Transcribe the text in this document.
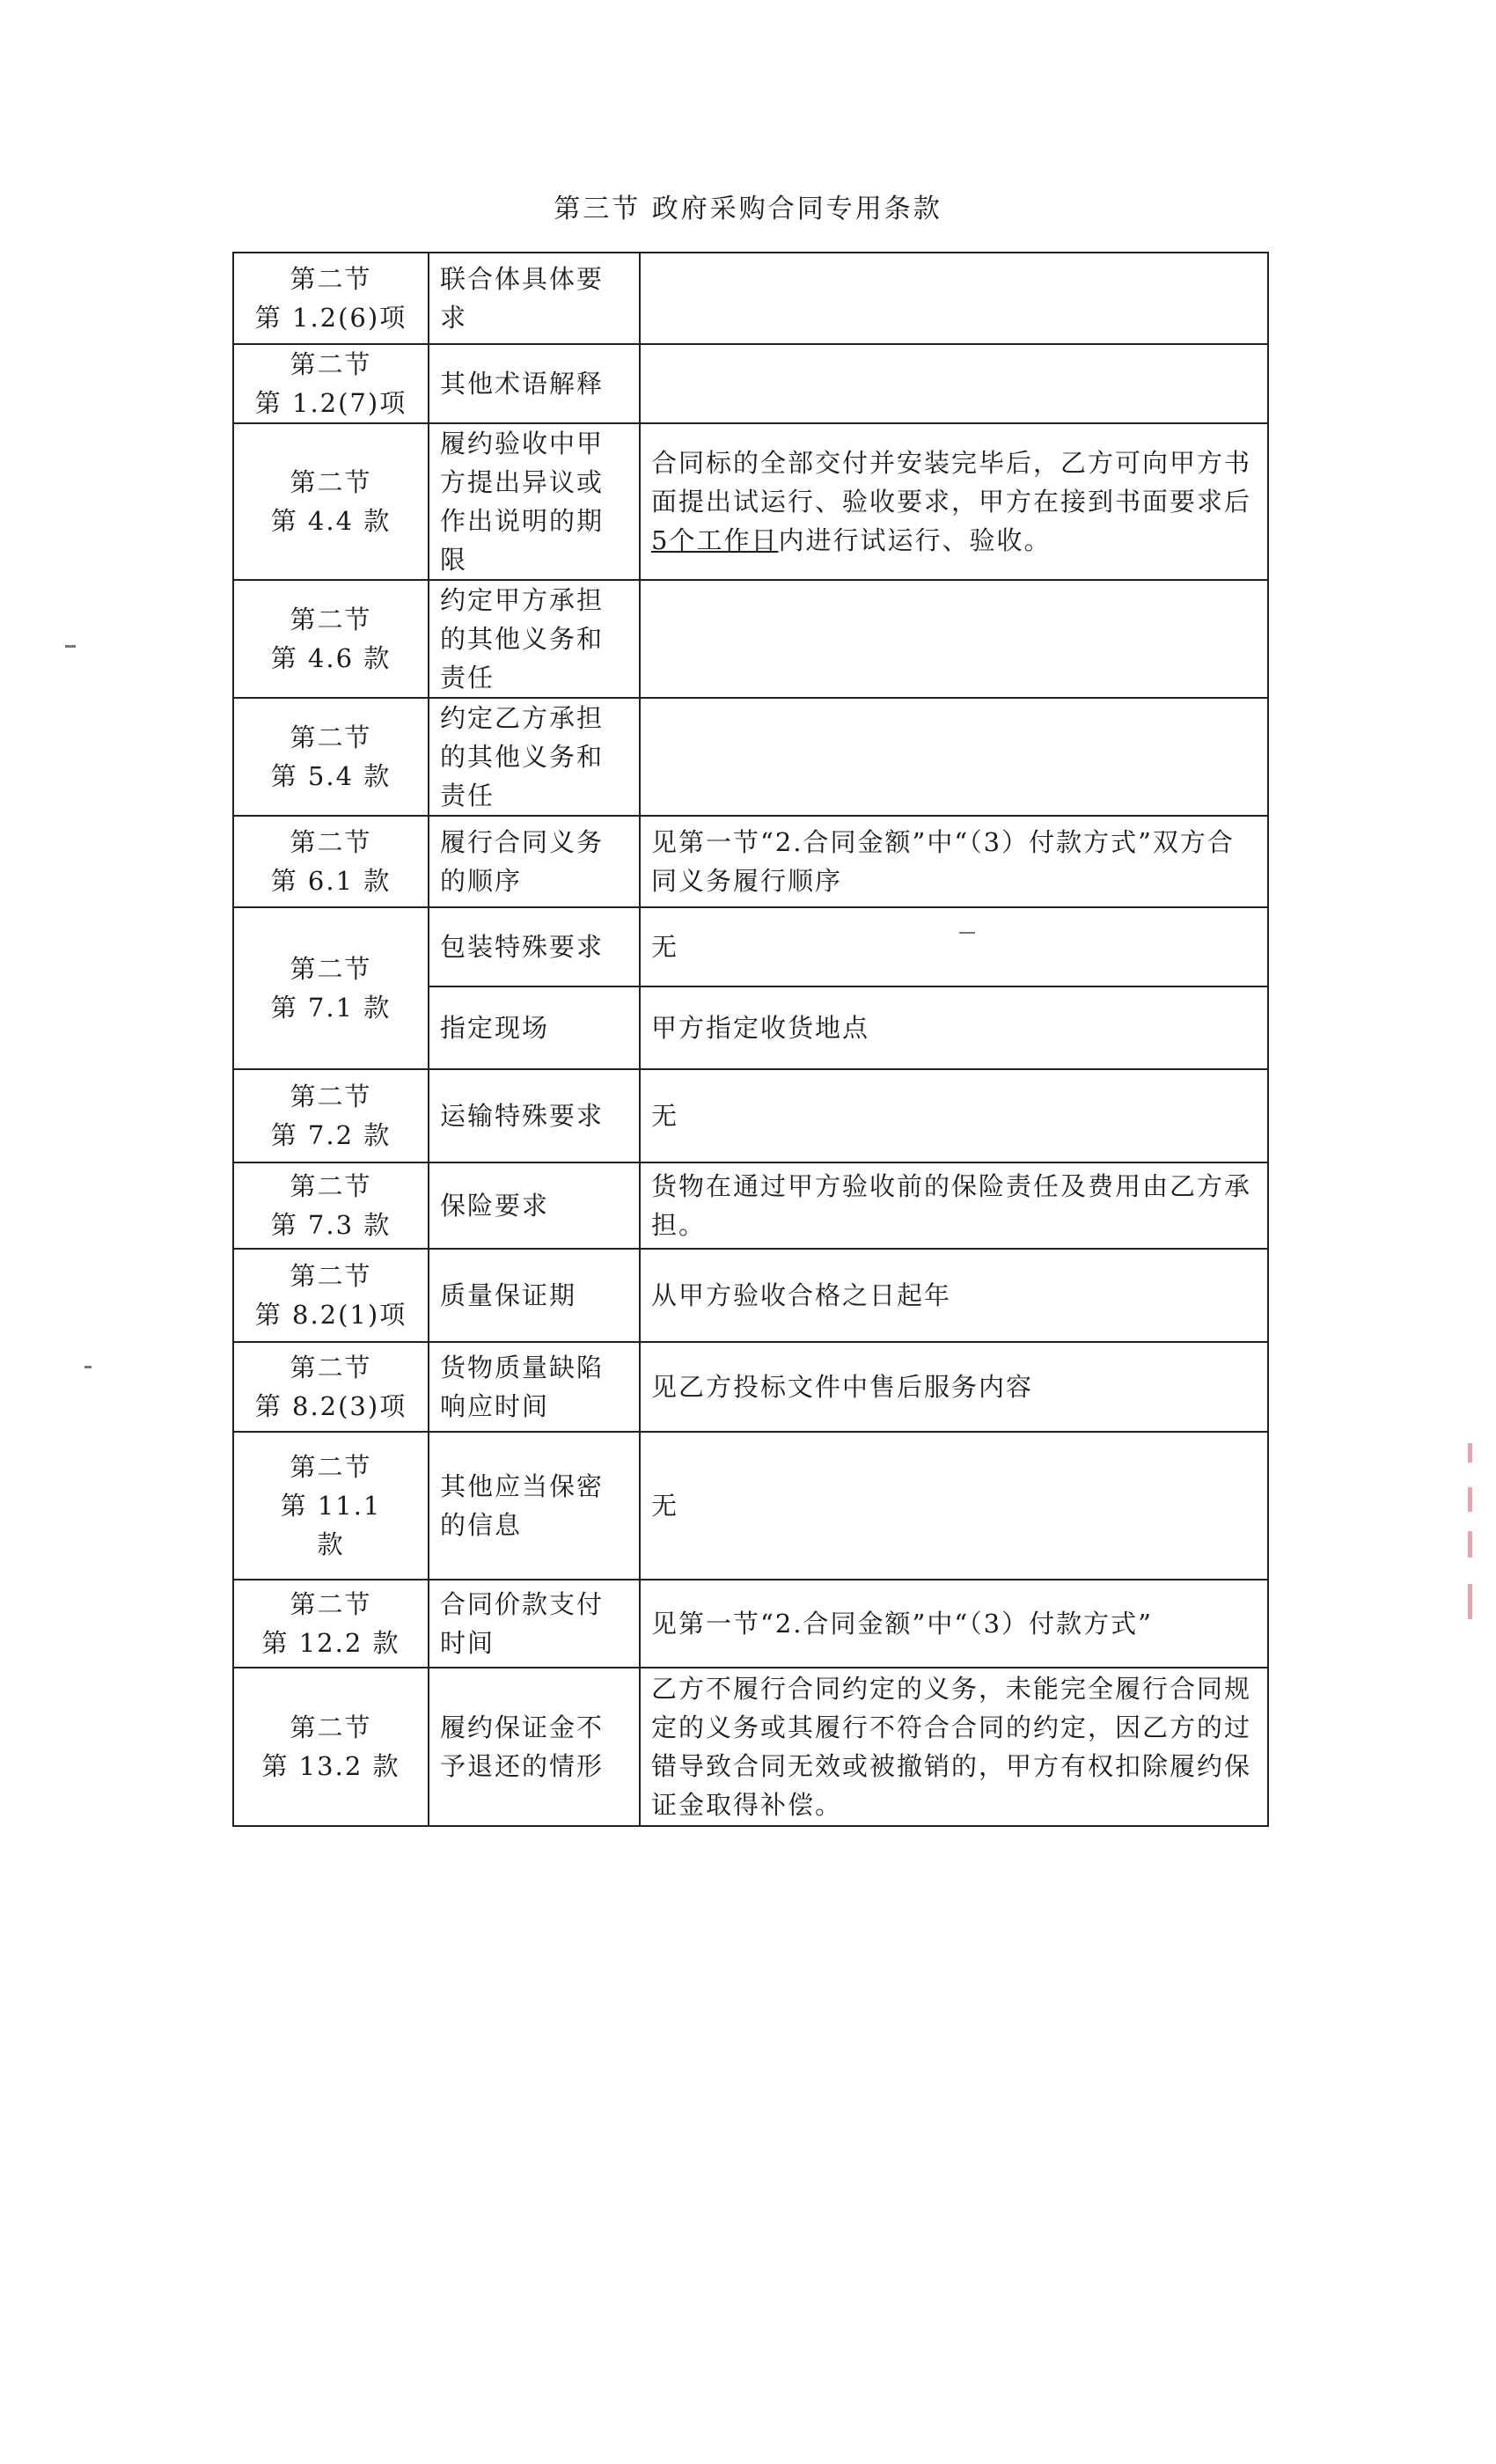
第三节 政府采购合同专用条款
第二节
第 1.2(6)项	联合体具体要求	
第二节
第 1.2(7)项	其他术语解释	
第二节
第 4.4 款	履约验收中甲方提出异议或作出说明的期限	合同标的全部交付并安装完毕后，乙方可向甲方书面提出试运行、验收要求，甲方在接到书面要求后5个工作日内进行试运行、验收。
第二节
第 4.6 款	约定甲方承担的其他义务和责任	
第二节
第 5.4 款	约定乙方承担的其他义务和责任	
第二节
第 6.1 款	履行合同义务的顺序	见第一节“2.合同金额”中“（3）付款方式”双方合同义务履行顺序
第二节
第 7.1 款	包装特殊要求	无
	指定现场	甲方指定收货地点
第二节
第 7.2 款	运输特殊要求	无
第二节
第 7.3 款	保险要求	货物在通过甲方验收前的保险责任及费用由乙方承担。
第二节
第 8.2(1)项	质量保证期	从甲方验收合格之日起年
第二节
第 8.2(3)项	货物质量缺陷响应时间	见乙方投标文件中售后服务内容
第二节
第 11.1
款	其他应当保密的信息	无
第二节
第 12.2 款	合同价款支付时间	见第一节“2.合同金额”中“（3）付款方式”
第二节
第 13.2 款	履约保证金不予退还的情形	乙方不履行合同约定的义务，未能完全履行合同规定的义务或其履行不符合合同的约定，因乙方的过错导致合同无效或被撤销的，甲方有权扣除履约保证金取得补偿。
